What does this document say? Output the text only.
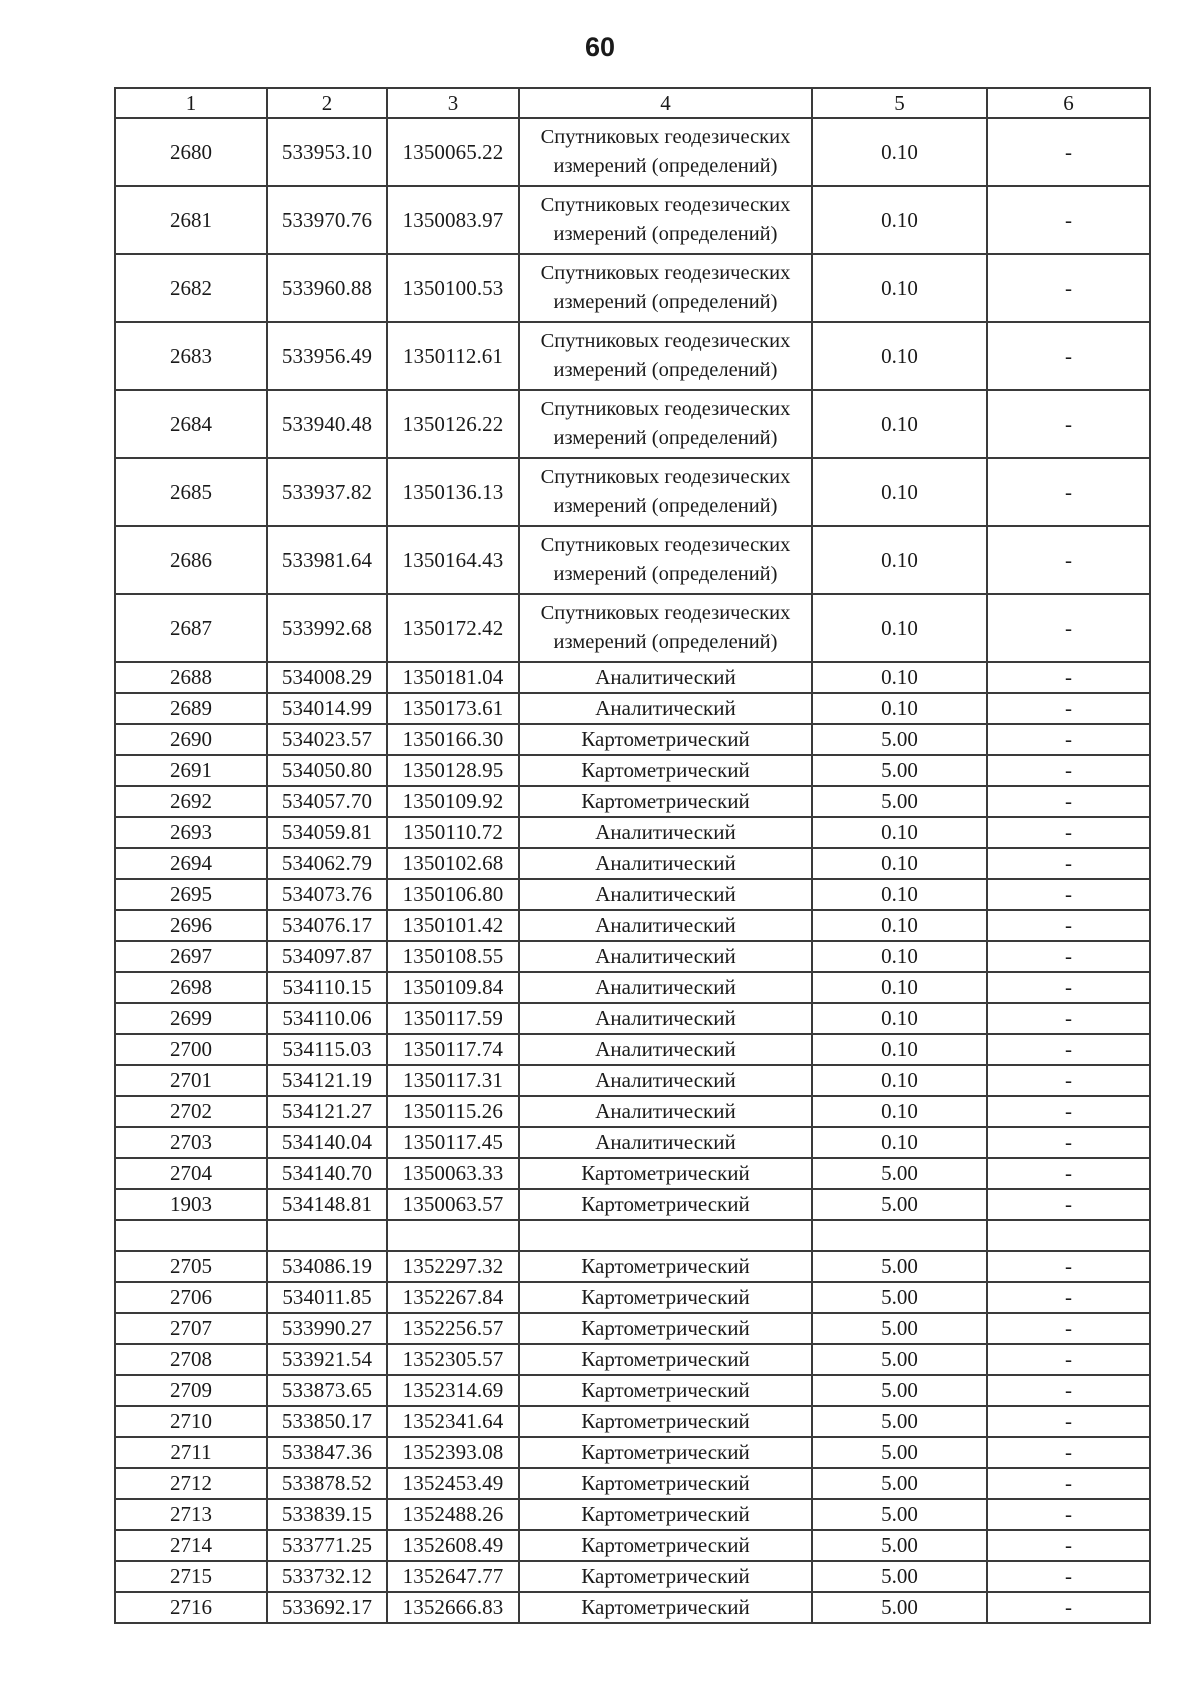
60
1	2	3	4	5	6
2680	533953.10	1350065.22	Спутниковых геодезических измерений (определений)	0.10	-
2681	533970.76	1350083.97	Спутниковых геодезических измерений (определений)	0.10	-
2682	533960.88	1350100.53	Спутниковых геодезических измерений (определений)	0.10	-
2683	533956.49	1350112.61	Спутниковых геодезических измерений (определений)	0.10	-
2684	533940.48	1350126.22	Спутниковых геодезических измерений (определений)	0.10	-
2685	533937.82	1350136.13	Спутниковых геодезических измерений (определений)	0.10	-
2686	533981.64	1350164.43	Спутниковых геодезических измерений (определений)	0.10	-
2687	533992.68	1350172.42	Спутниковых геодезических измерений (определений)	0.10	-
2688	534008.29	1350181.04	Аналитический	0.10	-
2689	534014.99	1350173.61	Аналитический	0.10	-
2690	534023.57	1350166.30	Картометрический	5.00	-
2691	534050.80	1350128.95	Картометрический	5.00	-
2692	534057.70	1350109.92	Картометрический	5.00	-
2693	534059.81	1350110.72	Аналитический	0.10	-
2694	534062.79	1350102.68	Аналитический	0.10	-
2695	534073.76	1350106.80	Аналитический	0.10	-
2696	534076.17	1350101.42	Аналитический	0.10	-
2697	534097.87	1350108.55	Аналитический	0.10	-
2698	534110.15	1350109.84	Аналитический	0.10	-
2699	534110.06	1350117.59	Аналитический	0.10	-
2700	534115.03	1350117.74	Аналитический	0.10	-
2701	534121.19	1350117.31	Аналитический	0.10	-
2702	534121.27	1350115.26	Аналитический	0.10	-
2703	534140.04	1350117.45	Аналитический	0.10	-
2704	534140.70	1350063.33	Картометрический	5.00	-
1903	534148.81	1350063.57	Картометрический	5.00	-

2705	534086.19	1352297.32	Картометрический	5.00	-
2706	534011.85	1352267.84	Картометрический	5.00	-
2707	533990.27	1352256.57	Картометрический	5.00	-
2708	533921.54	1352305.57	Картометрический	5.00	-
2709	533873.65	1352314.69	Картометрический	5.00	-
2710	533850.17	1352341.64	Картометрический	5.00	-
2711	533847.36	1352393.08	Картометрический	5.00	-
2712	533878.52	1352453.49	Картометрический	5.00	-
2713	533839.15	1352488.26	Картометрический	5.00	-
2714	533771.25	1352608.49	Картометрический	5.00	-
2715	533732.12	1352647.77	Картометрический	5.00	-
2716	533692.17	1352666.83	Картометрический	5.00	-
